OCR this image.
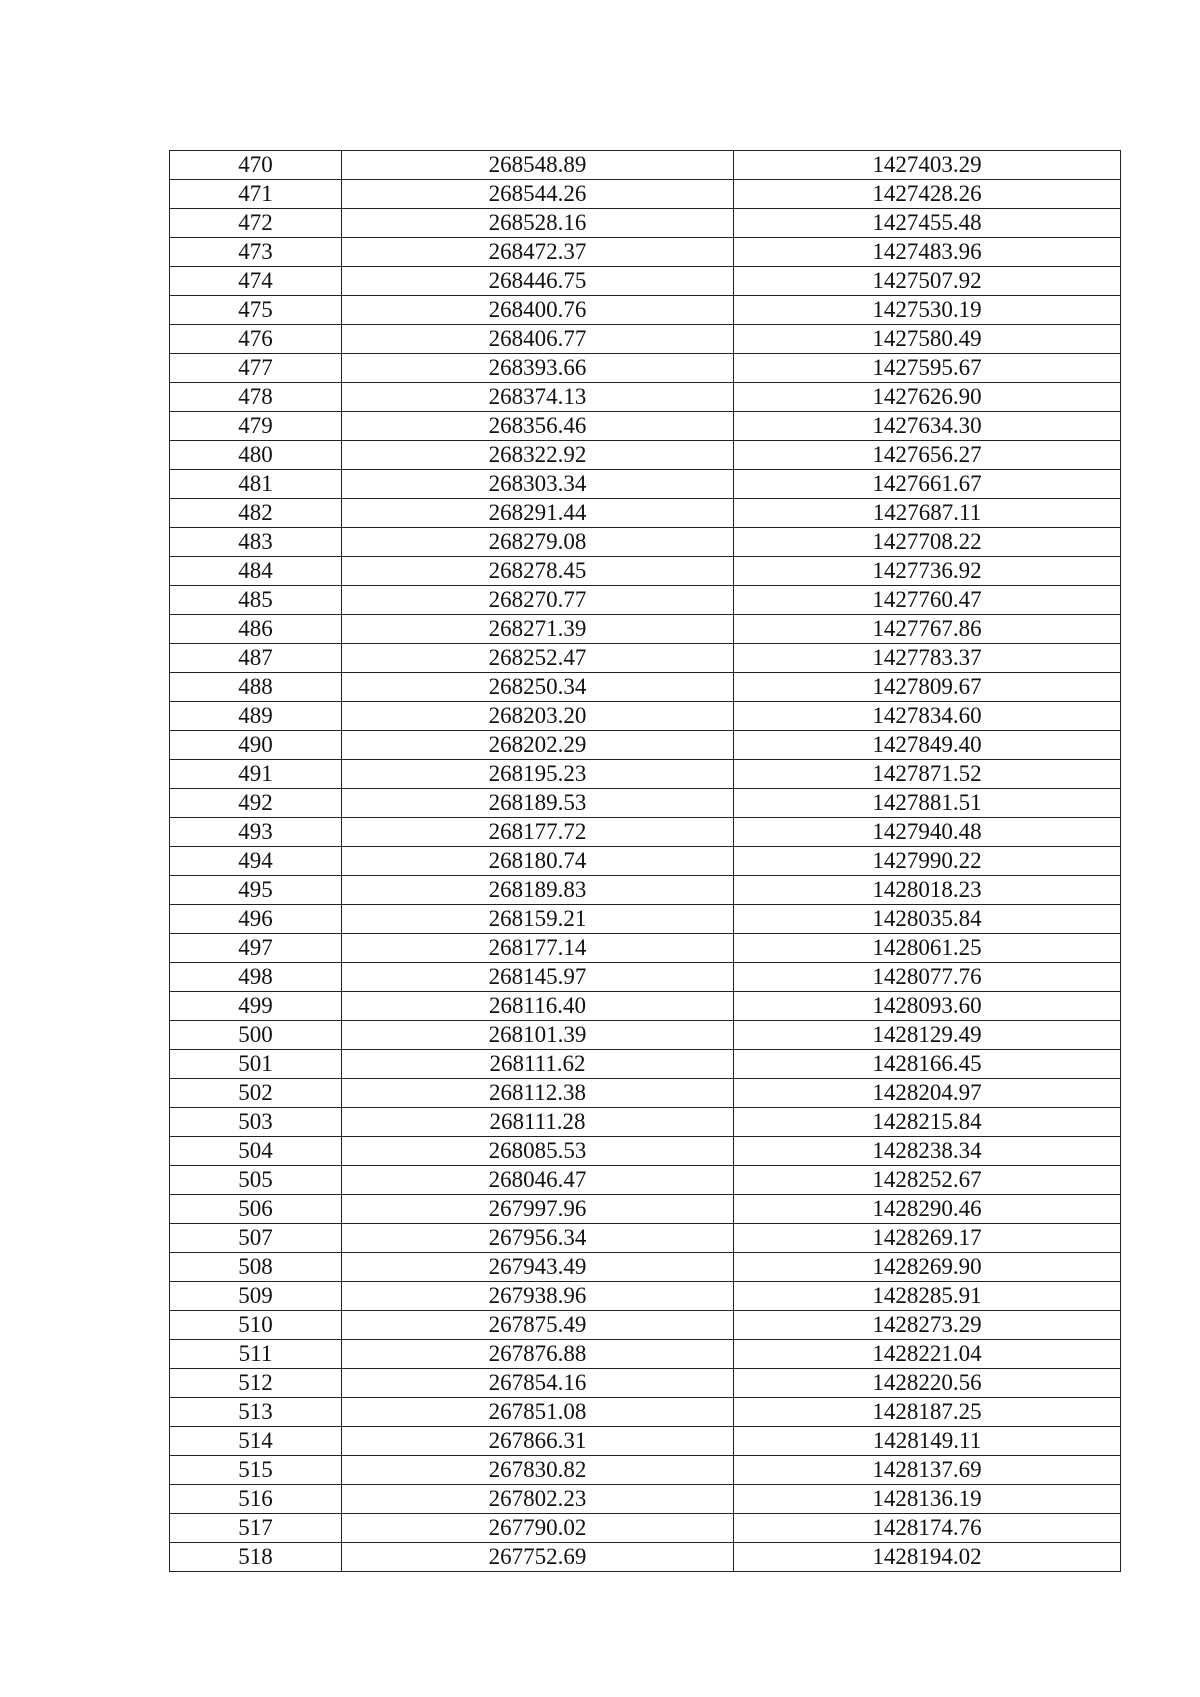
470	268548.89	1427403.29
471	268544.26	1427428.26
472	268528.16	1427455.48
473	268472.37	1427483.96
474	268446.75	1427507.92
475	268400.76	1427530.19
476	268406.77	1427580.49
477	268393.66	1427595.67
478	268374.13	1427626.90
479	268356.46	1427634.30
480	268322.92	1427656.27
481	268303.34	1427661.67
482	268291.44	1427687.11
483	268279.08	1427708.22
484	268278.45	1427736.92
485	268270.77	1427760.47
486	268271.39	1427767.86
487	268252.47	1427783.37
488	268250.34	1427809.67
489	268203.20	1427834.60
490	268202.29	1427849.40
491	268195.23	1427871.52
492	268189.53	1427881.51
493	268177.72	1427940.48
494	268180.74	1427990.22
495	268189.83	1428018.23
496	268159.21	1428035.84
497	268177.14	1428061.25
498	268145.97	1428077.76
499	268116.40	1428093.60
500	268101.39	1428129.49
501	268111.62	1428166.45
502	268112.38	1428204.97
503	268111.28	1428215.84
504	268085.53	1428238.34
505	268046.47	1428252.67
506	267997.96	1428290.46
507	267956.34	1428269.17
508	267943.49	1428269.90
509	267938.96	1428285.91
510	267875.49	1428273.29
511	267876.88	1428221.04
512	267854.16	1428220.56
513	267851.08	1428187.25
514	267866.31	1428149.11
515	267830.82	1428137.69
516	267802.23	1428136.19
517	267790.02	1428174.76
518	267752.69	1428194.02
